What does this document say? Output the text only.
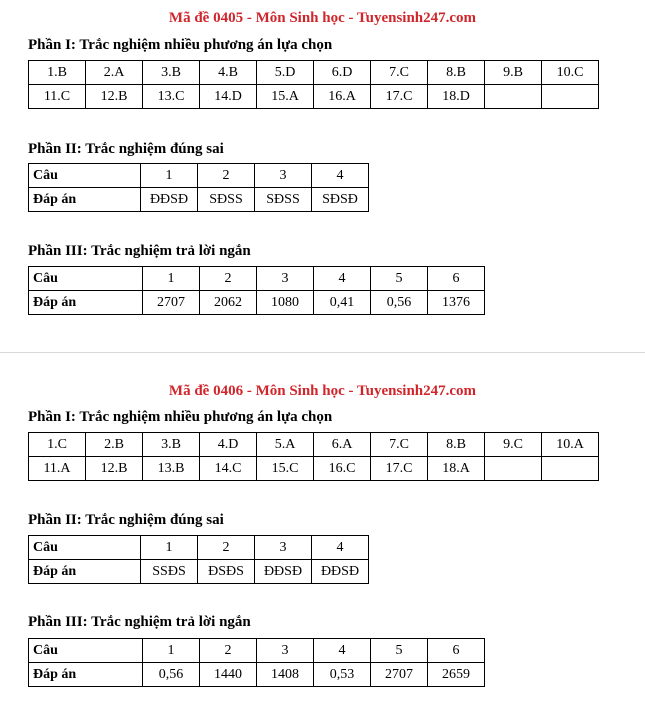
Mã đề 0405 - Môn Sinh học - Tuyensinh247.com
Phần I: Trắc nghiệm nhiều phương án lựa chọn
1.B	2.A	3.B	4.B	5.D	6.D	7.C	8.B	9.B	10.C
11.C	12.B	13.C	14.D	15.A	16.A	17.C	18.D		
Phần II: Trắc nghiệm đúng sai
Câu	1	2	3	4
Đáp án	ĐĐSĐ	SĐSS	SĐSS	SĐSĐ
Phần III: Trắc nghiệm trả lời ngắn
Câu	1	2	3	4	5	6
Đáp án	2707	2062	1080	0,41	0,56	1376
Mã đề 0406 - Môn Sinh học - Tuyensinh247.com
Phần I: Trắc nghiệm nhiều phương án lựa chọn
1.C	2.B	3.B	4.D	5.A	6.A	7.C	8.B	9.C	10.A
11.A	12.B	13.B	14.C	15.C	16.C	17.C	18.A		
Phần II: Trắc nghiệm đúng sai
Câu	1	2	3	4
Đáp án	SSĐS	ĐSĐS	ĐĐSĐ	ĐĐSĐ
Phần III: Trắc nghiệm trả lời ngắn
Câu	1	2	3	4	5	6
Đáp án	0,56	1440	1408	0,53	2707	2659
